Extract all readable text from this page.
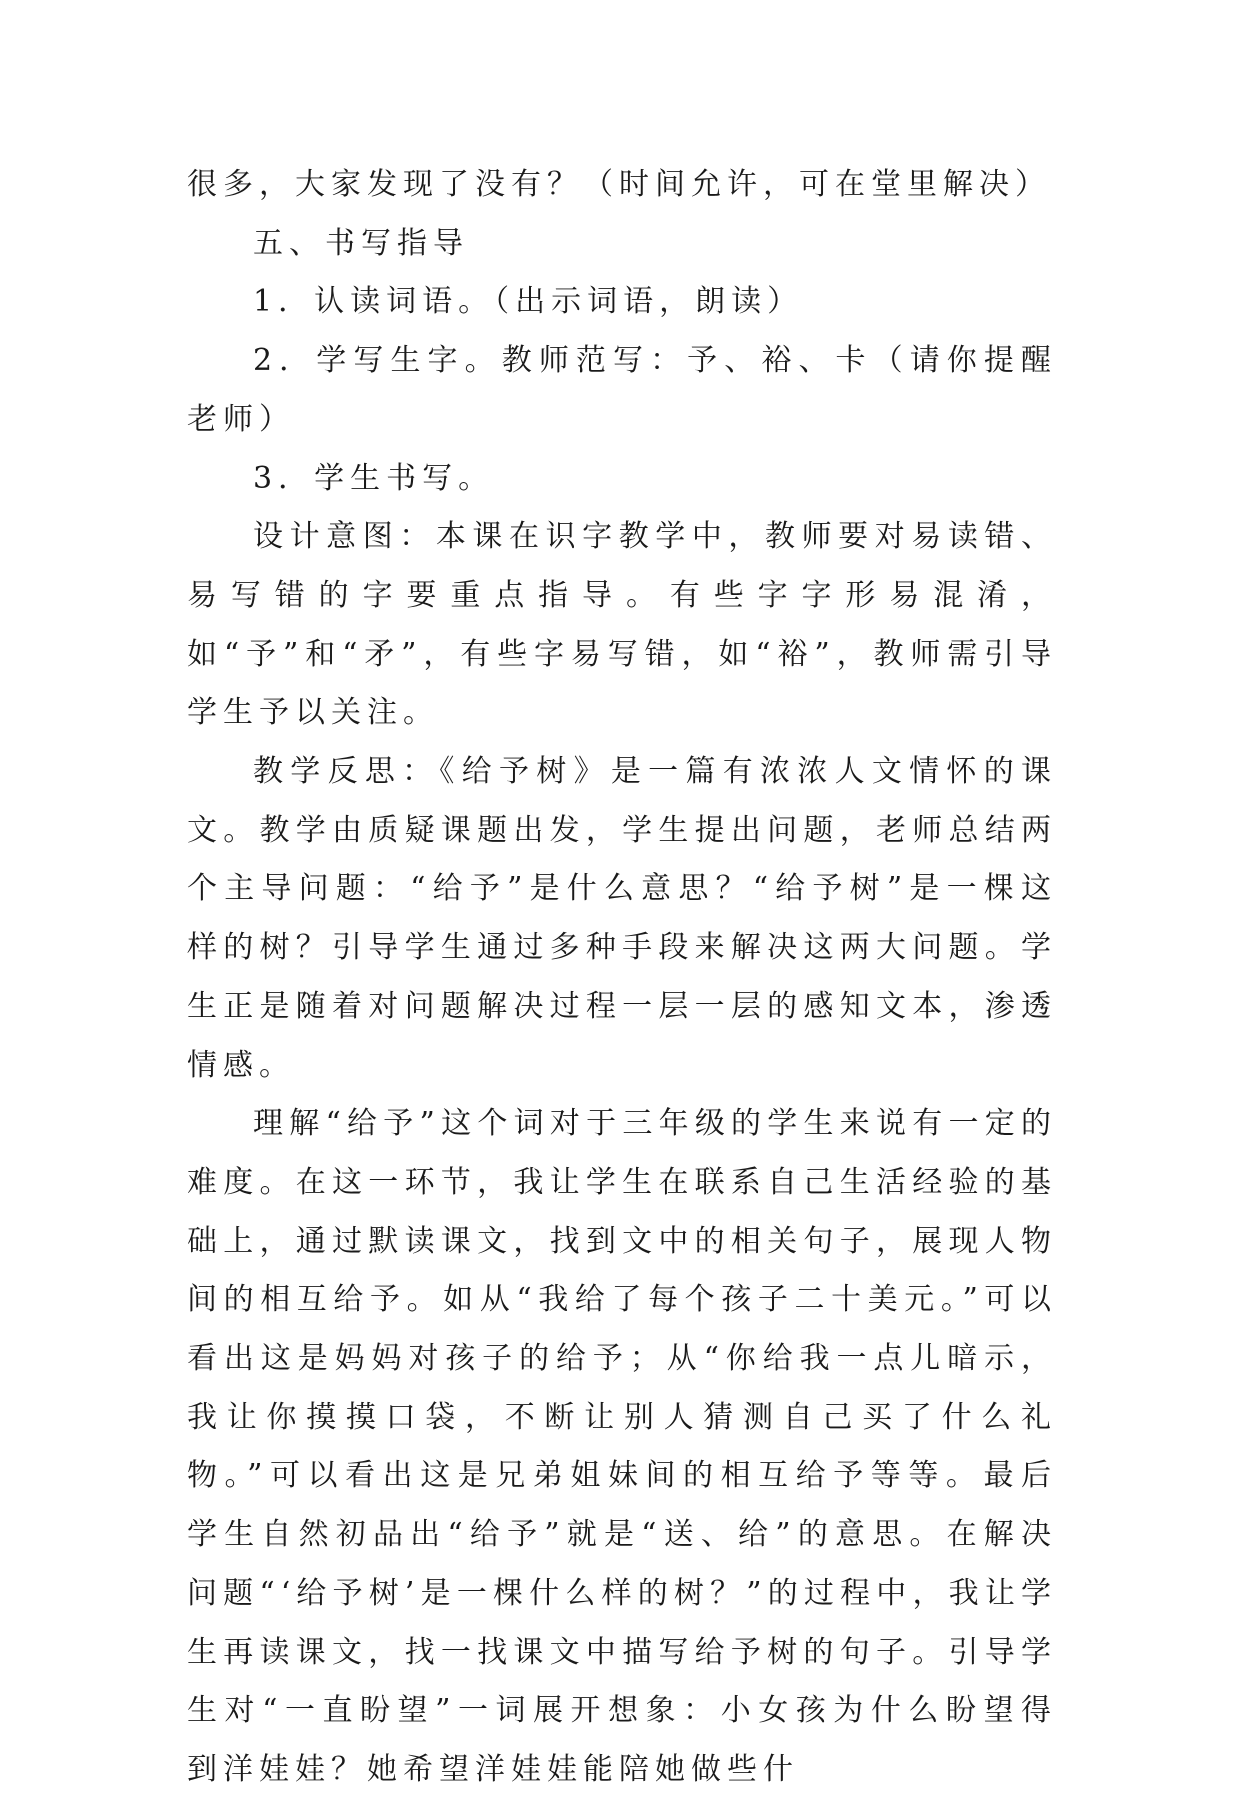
很多，大家发现了没有？（时间允许，可在堂里解决）

五、书写指导

1．认读词语。（出示词语，朗读）

2．学写生字。教师范写：予、裕、卡（请你提醒老师）

3．学生书写。

设计意图：本课在识字教学中，教师要对易读错、易写错的字要重点指导。有些字字形易混淆，如“予”和“矛”，有些字易写错，如“裕”，教师需引导学生予以关注。

教学反思：《给予树》是一篇有浓浓人文情怀的课文。教学由质疑课题出发，学生提出问题，老师总结两个主导问题：“给予”是什么意思？“给予树”是一棵这样的树？引导学生通过多种手段来解决这两大问题。学生正是随着对问题解决过程一层一层的感知文本，渗透情感。

理解“给予”这个词对于三年级的学生来说有一定的难度。在这一环节，我让学生在联系自己生活经验的基础上，通过默读课文，找到文中的相关句子，展现人物间的相互给予。如从“我给了每个孩子二十美元。”可以看出这是妈妈对孩子的给予；从“你给我一点儿暗示，我让你摸摸口袋，不断让别人猜测自己买了什么礼物。”可以看出这是兄弟姐妹间的相互给予等等。最后学生自然初品出“给予”就是“送、给”的意思。在解决问题“‘给予树’是一棵什么样的树？”的过程中，我让学生再读课文，找一找课文中描写给予树的句子。引导学生对“一直盼望”一词展开想象：小女孩为什么盼望得到洋娃娃？她希望洋娃娃能陪她做些什
